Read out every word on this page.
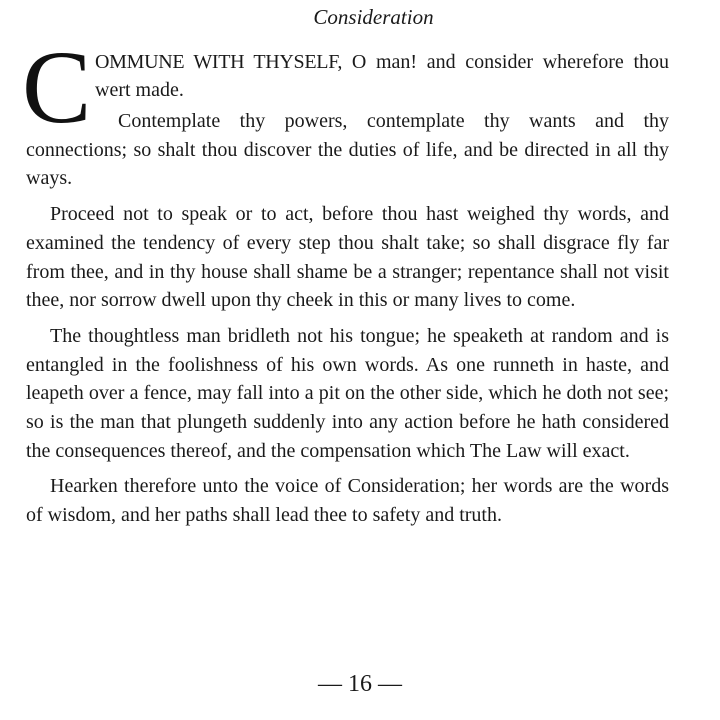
Consideration
C OMMUNE WITH THYSELF, O man! and consider wherefore thou wert made.

Contemplate thy powers, contemplate thy wants and thy connections; so shalt thou discover the duties of life, and be directed in all thy ways.

Proceed not to speak or to act, before thou hast weighed thy words, and examined the tendency of every step thou shalt take; so shall disgrace fly far from thee, and in thy house shall shame be a stranger; repentance shall not visit thee, nor sorrow dwell upon thy cheek in this or many lives to come.

The thoughtless man bridleth not his tongue; he speaketh at random and is entangled in the foolishness of his own words. As one runneth in haste, and leapeth over a fence, may fall into a pit on the other side, which he doth not see; so is the man that plungeth suddenly into any action before he hath considered the consequences thereof, and the compensation which The Law will exact.

Hearken therefore unto the voice of Consideration; her words are the words of wisdom, and her paths shall lead thee to safety and truth.

— 16 —
